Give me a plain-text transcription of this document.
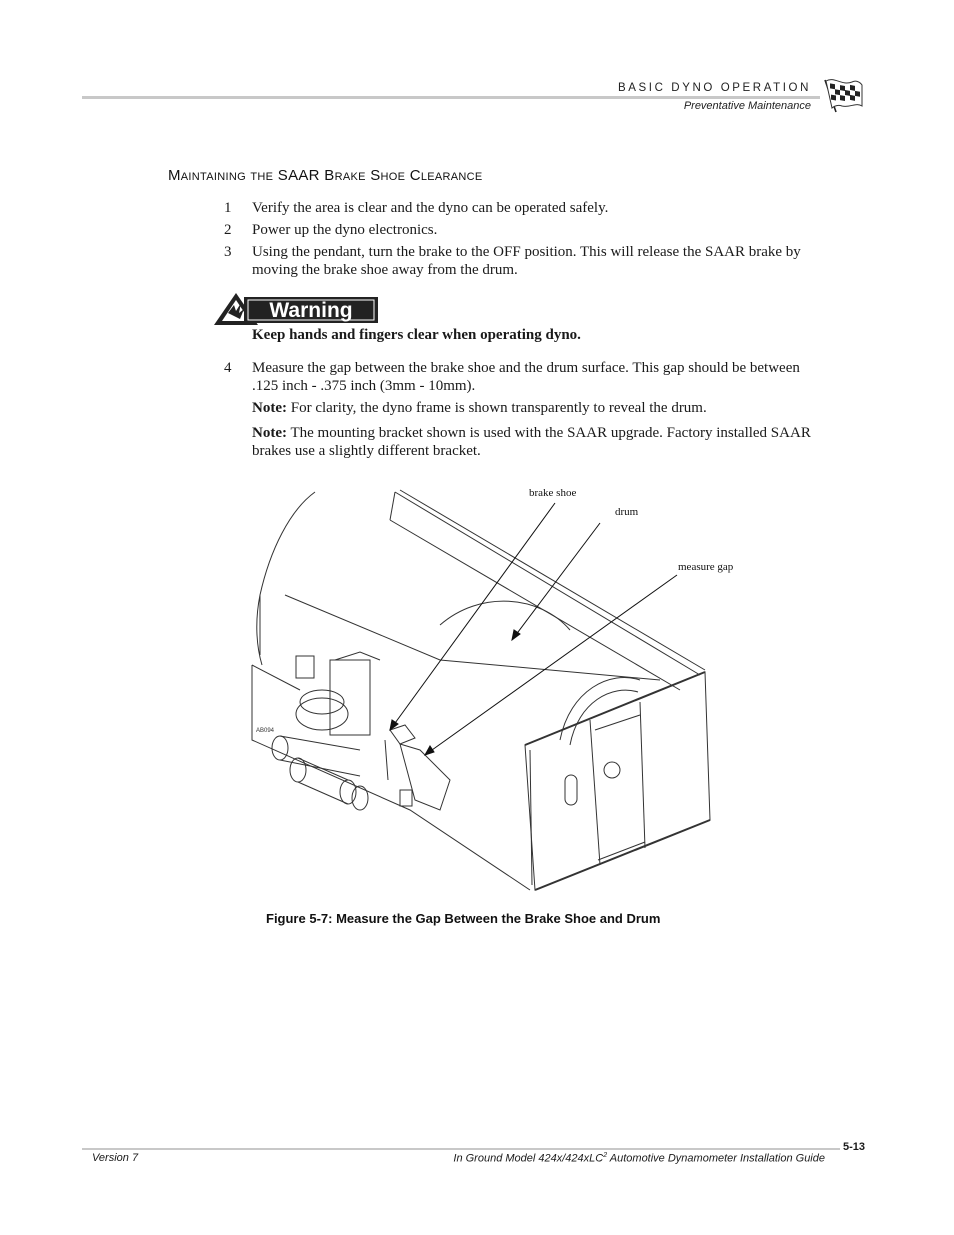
BASIC DYNO OPERATION
Preventative Maintenance
Maintaining the SAAR Brake Shoe Clearance
1 Verify the area is clear and the dyno can be operated safely.
2 Power up the dyno electronics.
3 Using the pendant, turn the brake to the OFF position. This will release the SAAR brake by moving the brake shoe away from the drum.
Warning
Keep hands and fingers clear when operating dyno.
4 Measure the gap between the brake shoe and the drum surface. This gap should be between .125 inch - .375 inch (3mm - 10mm).
Note: For clarity, the dyno frame is shown transparently to reveal the drum.
Note: The mounting bracket shown is used with the SAAR upgrade. Factory installed SAAR brakes use a slightly different bracket.
brake shoe
drum
measure gap
AB094
Figure 5-7: Measure the Gap Between the Brake Shoe and Drum
5-13
Version 7	In Ground Model 424x/424xLC$^2$ Automotive Dynamometer Installation Guide
